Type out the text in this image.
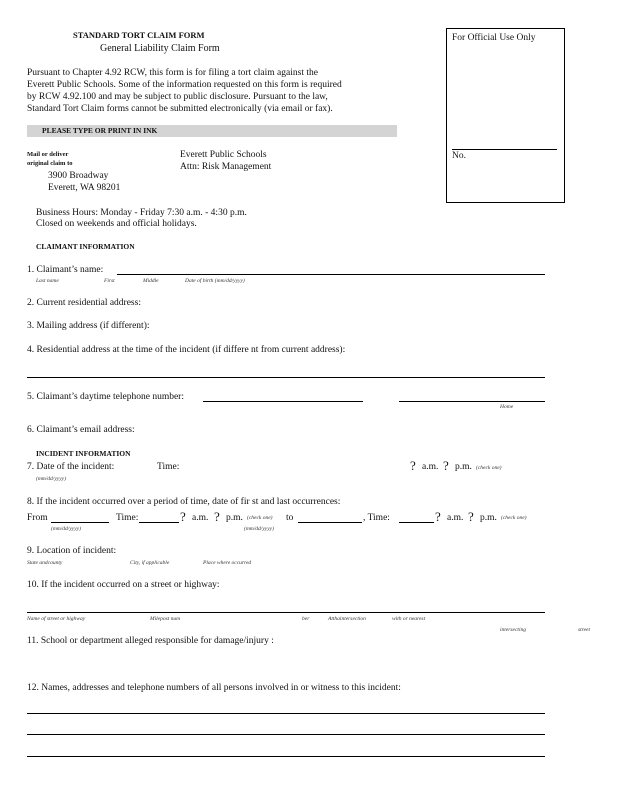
STANDARD TORT CLAIM FORM
General Liability Claim Form
For Official Use Only
No.
Pursuant to Chapter 4.92 RCW, this form is for filing a tort claim against the
Everett Public Schools. Some of the information requested on this form is required
by RCW 4.92.100 and may be subject to public disclosure. Pursuant to the law,
Standard Tort Claim forms cannot be submitted electronically (via email or fax).
PLEASE TYPE OR PRINT IN INK
Mail or deliver
original claim to
3900 Broadway
Everett, WA 98201
Everett Public Schools
Attn: Risk Management
Business Hours: Monday - Friday 7:30 a.m. - 4:30 p.m.
Closed on weekends and official holidays.
CLAIMANT INFORMATION
1. Claimant’s name:
Last name	First	Middle	Date of birth (mm/dd/yyyy)
2. Current residential address:
3. Mailing address (if different):
4. Residential address at the time of the incident (if differe nt from current address):
5. Claimant’s daytime telephone number:
Home
6. Claimant’s email address:
INCIDENT INFORMATION
7. Date of the incident:	Time:
(mm/dd/yyyy)
? a.m. ? p.m. (check one)
8. If the incident occurred over a period of time, date of fir st and last occurrences:
From	Time:	? a.m. ? p.m. (check one) to	, Time:	? a.m. ? p.m. (check one)
(mm/dd/yyyy)	(mm/dd/yyyy)
9. Location of incident:
State andcounty	City, if applicable	Place where occurred
10. If the incident occurred on a street or highway:
Name of street or highway	Milepost num	ber	Atthaintersection	with or nearest
intersecting	street
11. School or department alleged responsible for damage/injury :
12. Names, addresses and telephone numbers of all persons involved in or witness to this incident:
